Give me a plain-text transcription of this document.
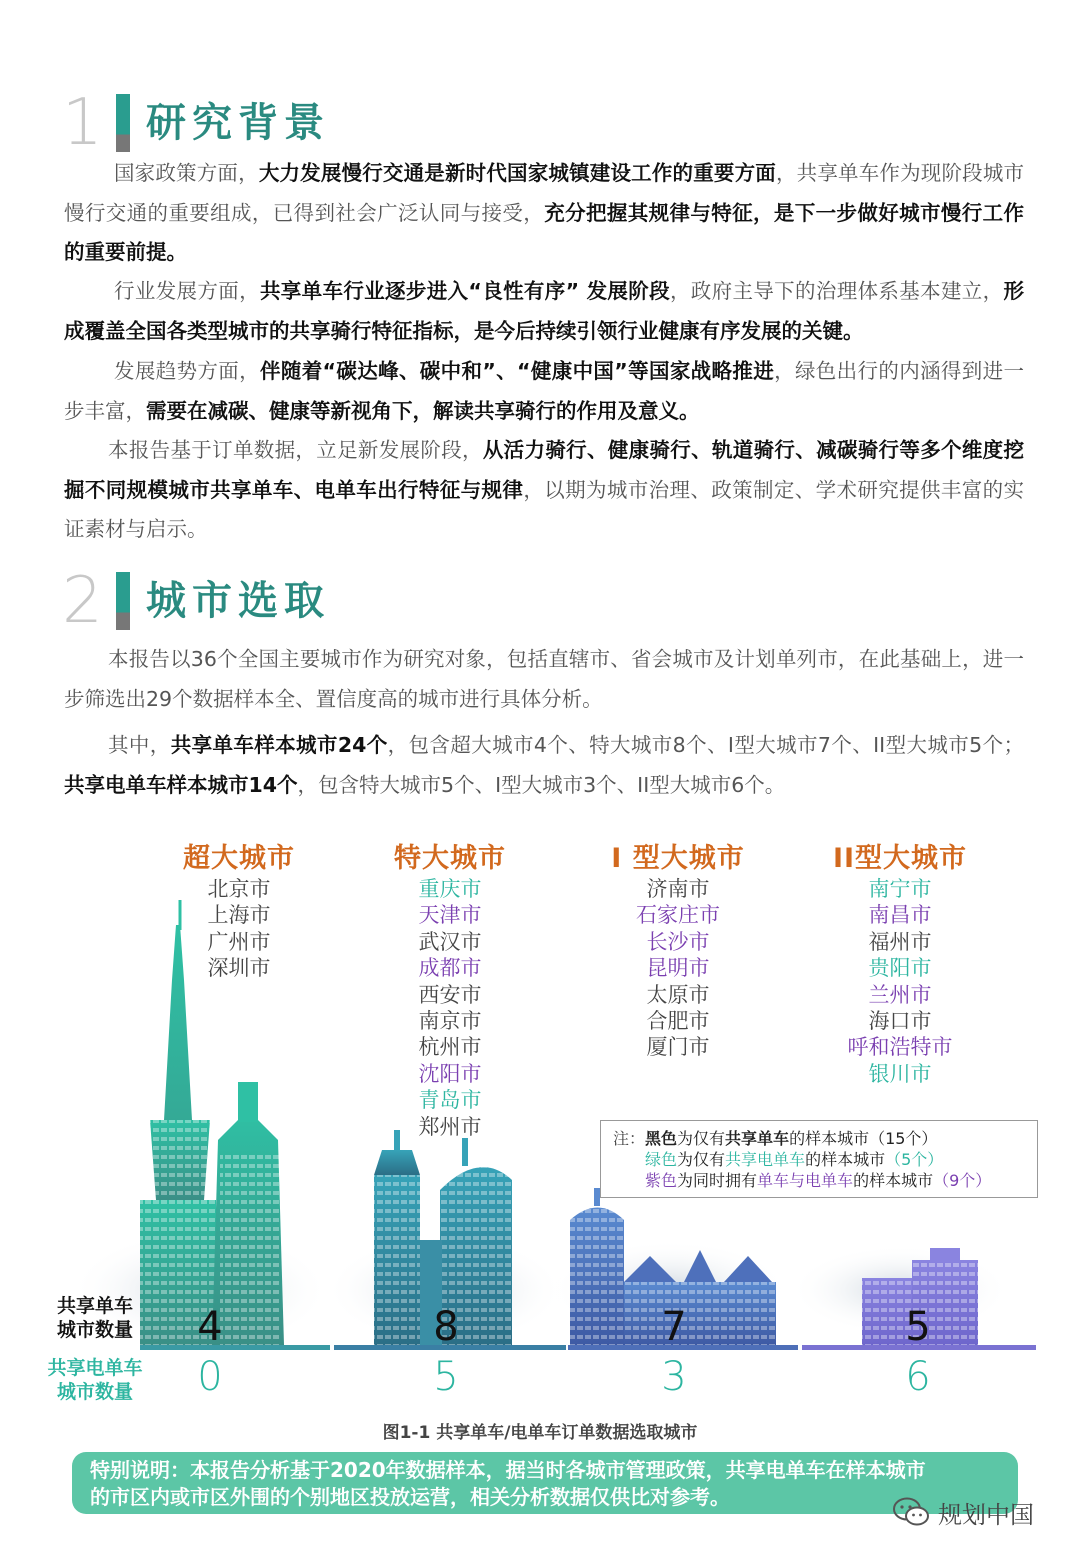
1 研究背景
国家政策方面，大力发展慢行交通是新时代国家城镇建设工作的重要方面，共享单车作为现阶段城市慢行交通的重要组成，已得到社会广泛认同与接受，充分把握其规律与特征，是下一步做好城市慢行工作的重要前提。
行业发展方面，共享单车行业逐步进入“良性有序” 发展阶段，政府主导下的治理体系基本建立，形成覆盖全国各类型城市的共享骑行特征指标，是今后持续引领行业健康有序发展的关键。
发展趋势方面，伴随着“碳达峰、碳中和”、“健康中国”等国家战略推进，绿色出行的内涵得到进一步丰富，需要在减碳、健康等新视角下，解读共享骑行的作用及意义。
本报告基于订单数据，立足新发展阶段，从活力骑行、健康骑行、轨道骑行、减碳骑行等多个维度挖掘不同规模城市共享单车、电单车出行特征与规律，以期为城市治理、政策制定、学术研究提供丰富的实证素材与启示。
2 城市选取
本报告以36个全国主要城市作为研究对象，包括直辖市、省会城市及计划单列市，在此基础上，进一步筛选出29个数据样本全、置信度高的城市进行具体分析。
其中，共享单车样本城市24个，包含超大城市4个、特大城市8个、I型大城市7个、II型大城市5个；共享电单车样本城市14个，包含特大城市5个、I型大城市3个、II型大城市6个。
超大城市
北京市
上海市
广州市
深圳市
4
0
特大城市
重庆市
天津市
武汉市
成都市
西安市
南京市
杭州市
沈阳市
青岛市
郑州市
8
5
I 型大城市
济南市
石家庄市
长沙市
昆明市
太原市
合肥市
厦门市
7
3
II型大城市
南宁市
南昌市
福州市
贵阳市
兰州市
海口市
呼和浩特市
银川市
5
6
注：黑色为仅有共享单车的样本城市（15个）
绿色为仅有共享电单车的样本城市（5个）
紫色为同时拥有单车与电单车的样本城市（9个）
共享单车
城市数量
共享电单车
城市数量
图1-1 共享单车/电单车订单数据选取城市
特别说明：本报告分析基于2020年数据样本，据当时各城市管理政策，共享电单车在样本城市
的市区内或市区外围的个别地区投放运营，相关分析数据仅供比对参考。
规划中国
